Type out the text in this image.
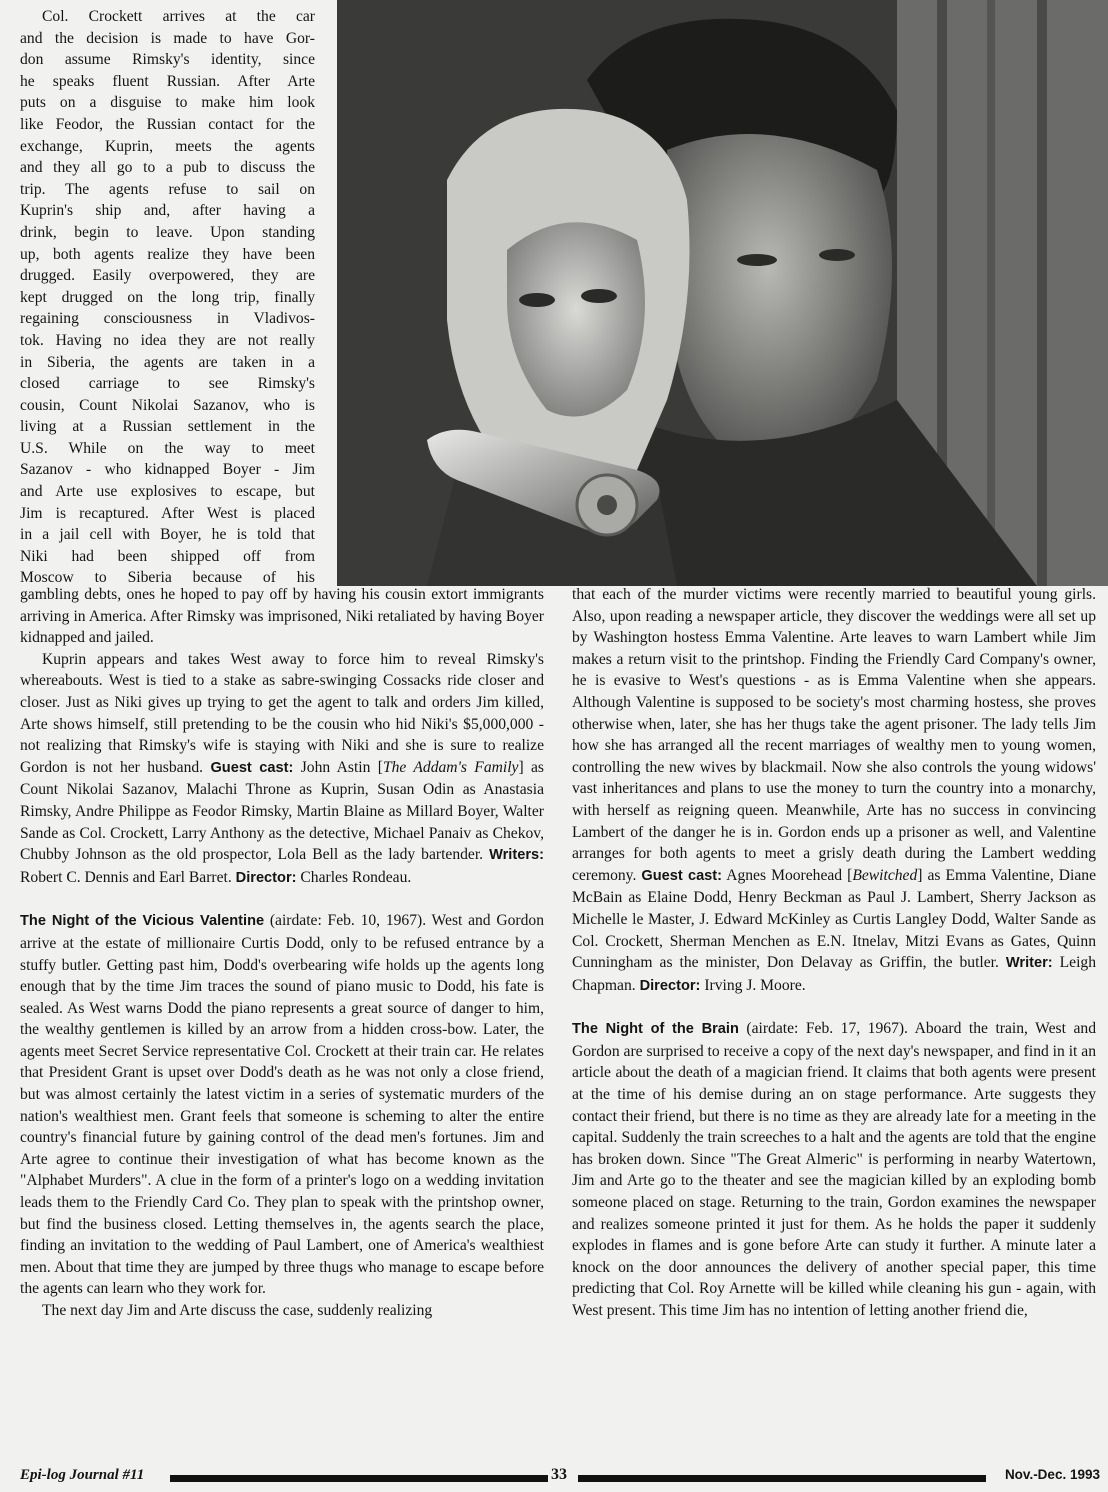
Col. Crockett arrives at the car
and the decision is made to have Gor-
don assume Rimsky's identity, since
he speaks fluent Russian. After Arte
puts on a disguise to make him look
like Feodor, the Russian contact for the
exchange, Kuprin, meets the agents
and they all go to a pub to discuss the
trip. The agents refuse to sail on
Kuprin's ship and, after having a
drink, begin to leave. Upon standing
up, both agents realize they have been
drugged. Easily overpowered, they are
kept drugged on the long trip, finally
regaining consciousness in Vladivos-
tok. Having no idea they are not really
in Siberia, the agents are taken in a
closed carriage to see Rimsky's
cousin, Count Nikolai Sazanov, who is
living at a Russian settlement in the
U.S. While on the way to meet
Sazanov - who kidnapped Boyer - Jim
and Arte use explosives to escape, but
Jim is recaptured. After West is placed
in a jail cell with Boyer, he is told that
Niki had been shipped off from
Moscow to Siberia because of his

gambling debts, ones he hoped to pay off by having his cousin extort immigrants arriving in America. After Rimsky was imprisoned, Niki retaliated by having Boyer kidnapped and jailed.

Kuprin appears and takes West away to force him to reveal Rimsky's whereabouts. West is tied to a stake as sabre-swinging Cossacks ride closer and closer. Just as Niki gives up trying to get the agent to talk and orders Jim killed, Arte shows himself, still pretending to be the cousin who hid Niki's $5,000,000 - not realizing that Rimsky's wife is staying with Niki and she is sure to realize Gordon is not her husband. Guest cast: John Astin [The Addam's Family] as Count Nikolai Sazanov, Malachi Throne as Kuprin, Susan Odin as Anastasia Rimsky, Andre Philippe as Feodor Rimsky, Martin Blaine as Millard Boyer, Walter Sande as Col. Crockett, Larry Anthony as the detective, Michael Panaiv as Chekov, Chubby Johnson as the old prospector, Lola Bell as the lady bartender. Writers: Robert C. Dennis and Earl Barret. Director: Charles Rondeau.

The Night of the Vicious Valentine (airdate: Feb. 10, 1967). West and Gordon arrive at the estate of millionaire Curtis Dodd, only to be refused entrance by a stuffy butler. Getting past him, Dodd's overbearing wife holds up the agents long enough that by the time Jim traces the sound of piano music to Dodd, his fate is sealed. As West warns Dodd the piano represents a great source of danger to him, the wealthy gentlemen is killed by an arrow from a hidden cross-bow. Later, the agents meet Secret Service representative Col. Crockett at their train car. He relates that President Grant is upset over Dodd's death as he was not only a close friend, but was almost certainly the latest victim in a series of systematic murders of the nation's wealthiest men. Grant feels that someone is scheming to alter the entire country's financial future by gaining control of the dead men's fortunes. Jim and Arte agree to continue their investigation of what has become known as the "Alphabet Murders". A clue in the form of a printer's logo on a wedding invitation leads them to the Friendly Card Co. They plan to speak with the printshop owner, but find the business closed. Letting themselves in, the agents search the place, finding an invitation to the wedding of Paul Lambert, one of America's wealthiest men. About that time they are jumped by three thugs who manage to escape before the agents can learn who they work for.

The next day Jim and Arte discuss the case, suddenly realizing

that each of the murder victims were recently married to beautiful young girls. Also, upon reading a newspaper article, they discover the weddings were all set up by Washington hostess Emma Valentine. Arte leaves to warn Lambert while Jim makes a return visit to the printshop. Finding the Friendly Card Company's owner, he is evasive to West's questions - as is Emma Valentine when she appears. Although Valentine is supposed to be society's most charming hostess, she proves otherwise when, later, she has her thugs take the agent prisoner. The lady tells Jim how she has arranged all the recent marriages of wealthy men to young women, controlling the new wives by blackmail. Now she also controls the young widows' vast inheritances and plans to use the money to turn the country into a monarchy, with herself as reigning queen. Meanwhile, Arte has no success in convincing Lambert of the danger he is in. Gordon ends up a prisoner as well, and Valentine arranges for both agents to meet a grisly death during the Lambert wedding ceremony. Guest cast: Agnes Moorehead [Bewitched] as Emma Valentine, Diane McBain as Elaine Dodd, Henry Beckman as Paul J. Lambert, Sherry Jackson as Michelle le Master, J. Edward McKinley as Curtis Langley Dodd, Walter Sande as Col. Crockett, Sherman Menchen as E.N. Itnelav, Mitzi Evans as Gates, Quinn Cunningham as the minister, Don Delavay as Griffin, the butler. Writer: Leigh Chapman. Director: Irving J. Moore.

The Night of the Brain (airdate: Feb. 17, 1967). Aboard the train, West and Gordon are surprised to receive a copy of the next day's newspaper, and find in it an article about the death of a magician friend. It claims that both agents were present at the time of his demise during an on stage performance. Arte suggests they contact their friend, but there is no time as they are already late for a meeting in the capital. Suddenly the train screeches to a halt and the agents are told that the engine has broken down. Since "The Great Almeric" is performing in nearby Watertown, Jim and Arte go to the theater and see the magician killed by an exploding bomb someone placed on stage. Returning to the train, Gordon examines the newspaper and realizes someone printed it just for them. As he holds the paper it suddenly explodes in flames and is gone before Arte can study it further. A minute later a knock on the door announces the delivery of another special paper, this time predicting that Col. Roy Arnette will be killed while cleaning his gun - again, with West present. This time Jim has no intention of letting another friend die,

Epi-log Journal #11	33	Nov.-Dec. 1993
